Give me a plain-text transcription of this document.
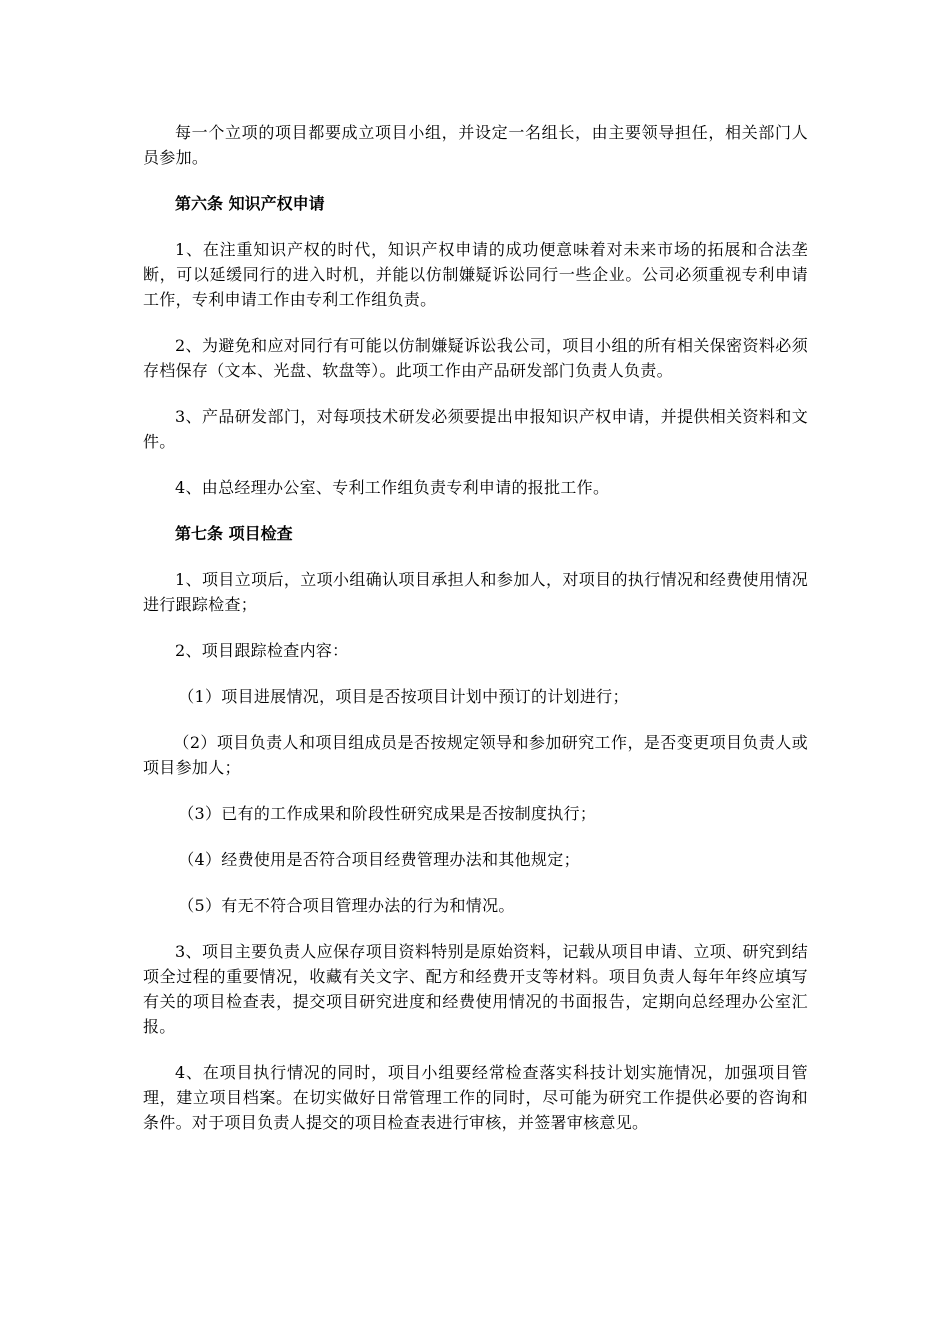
每一个立项的项目都要成立项目小组，并设定一名组长，由主要领导担任，相关部门人员参加。

第六条 知识产权申请

1、在注重知识产权的时代，知识产权申请的成功便意味着对未来市场的拓展和合法垄断，可以延缓同行的进入时机，并能以仿制嫌疑诉讼同行一些企业。公司必须重视专利申请工作，专利申请工作由专利工作组负责。

2、为避免和应对同行有可能以仿制嫌疑诉讼我公司，项目小组的所有相关保密资料必须存档保存（文本、光盘、软盘等）。此项工作由产品研发部门负责人负责。

3、产品研发部门，对每项技术研发必须要提出申报知识产权申请，并提供相关资料和文件。

4、由总经理办公室、专利工作组负责专利申请的报批工作。

第七条 项目检查

1、项目立项后，立项小组确认项目承担人和参加人，对项目的执行情况和经费使用情况进行跟踪检查；

2、项目跟踪检查内容：

（1）项目进展情况，项目是否按项目计划中预订的计划进行；

（2）项目负责人和项目组成员是否按规定领导和参加研究工作，是否变更项目负责人或项目参加人；

（3）已有的工作成果和阶段性研究成果是否按制度执行；

（4）经费使用是否符合项目经费管理办法和其他规定；

（5）有无不符合项目管理办法的行为和情况。

3、项目主要负责人应保存项目资料特别是原始资料，记载从项目申请、立项、研究到结项全过程的重要情况，收藏有关文字、配方和经费开支等材料。项目负责人每年年终应填写有关的项目检查表，提交项目研究进度和经费使用情况的书面报告，定期向总经理办公室汇报。

4、在项目执行情况的同时，项目小组要经常检查落实科技计划实施情况，加强项目管理，建立项目档案。在切实做好日常管理工作的同时，尽可能为研究工作提供必要的咨询和条件。对于项目负责人提交的项目检查表进行审核，并签署审核意见。
